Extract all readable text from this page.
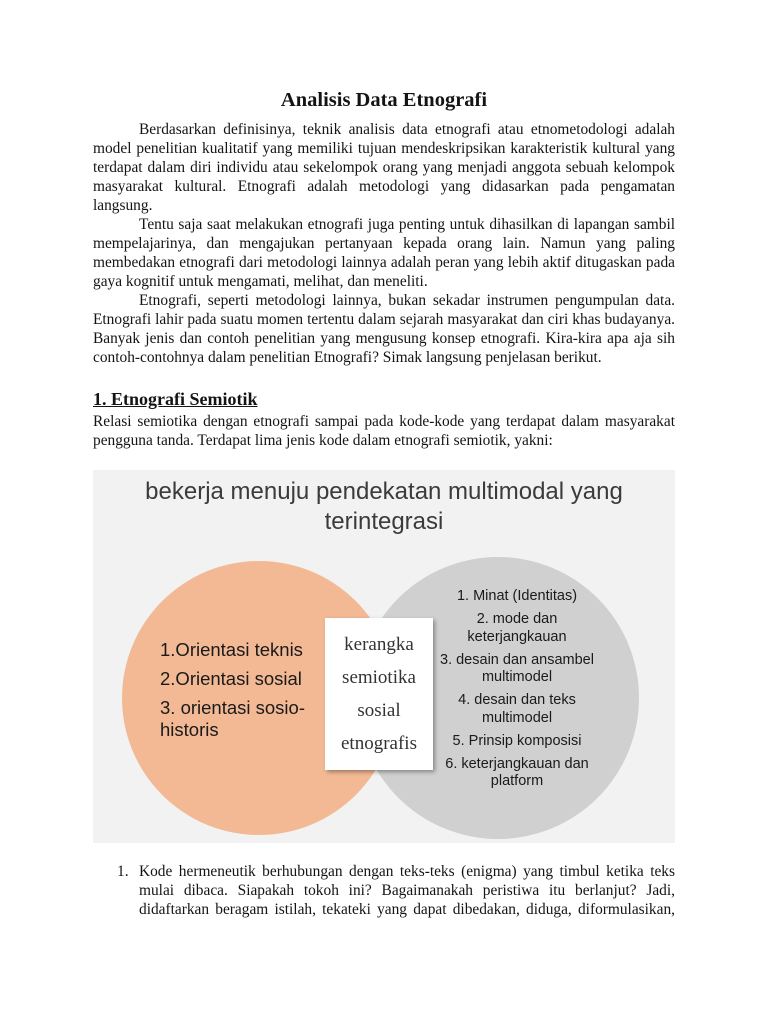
Analisis Data Etnografi

Berdasarkan definisinya, teknik analisis data etnografi atau etnometodologi adalah model penelitian kualitatif yang memiliki tujuan mendeskripsikan karakteristik kultural yang terdapat dalam diri individu atau sekelompok orang yang menjadi anggota sebuah kelompok masyarakat kultural. Etnografi adalah metodologi yang didasarkan pada pengamatan langsung.

Tentu saja saat melakukan etnografi juga penting untuk dihasilkan di lapangan sambil mempelajarinya, dan mengajukan pertanyaan kepada orang lain. Namun yang paling membedakan etnografi dari metodologi lainnya adalah peran yang lebih aktif ditugaskan pada gaya kognitif untuk mengamati, melihat, dan meneliti.

Etnografi, seperti metodologi lainnya, bukan sekadar instrumen pengumpulan data. Etnografi lahir pada suatu momen tertentu dalam sejarah masyarakat dan ciri khas budayanya. Banyak jenis dan contoh penelitian yang mengusung konsep etnografi. Kira-kira apa aja sih contoh-contohnya dalam penelitian Etnografi? Simak langsung penjelasan berikut.

1. Etnografi Semiotik

Relasi semiotika dengan etnografi sampai pada kode-kode yang terdapat dalam masyarakat pengguna tanda. Terdapat lima jenis kode dalam etnografi semiotik, yakni:

bekerja menuju pendekatan multimodal yang terintegrasi
1.Orientasi teknis
2.Orientasi sosial
3. orientasi sosio-historis
kerangka semiotika sosial etnografis
1. Minat (Identitas)
2. mode dan keterjangkauan
3. desain dan ansambel multimodel
4. desain dan teks multimodel
5. Prinsip komposisi
6. keterjangkauan dan platform
1. Kode hermeneutik berhubungan dengan teks-teks (enigma) yang timbul ketika teks mulai dibaca. Siapakah tokoh ini? Bagaimanakah peristiwa itu berlanjut? Jadi, didaftarkan beragam istilah, tekateki yang dapat dibedakan, diduga, diformulasikan,
